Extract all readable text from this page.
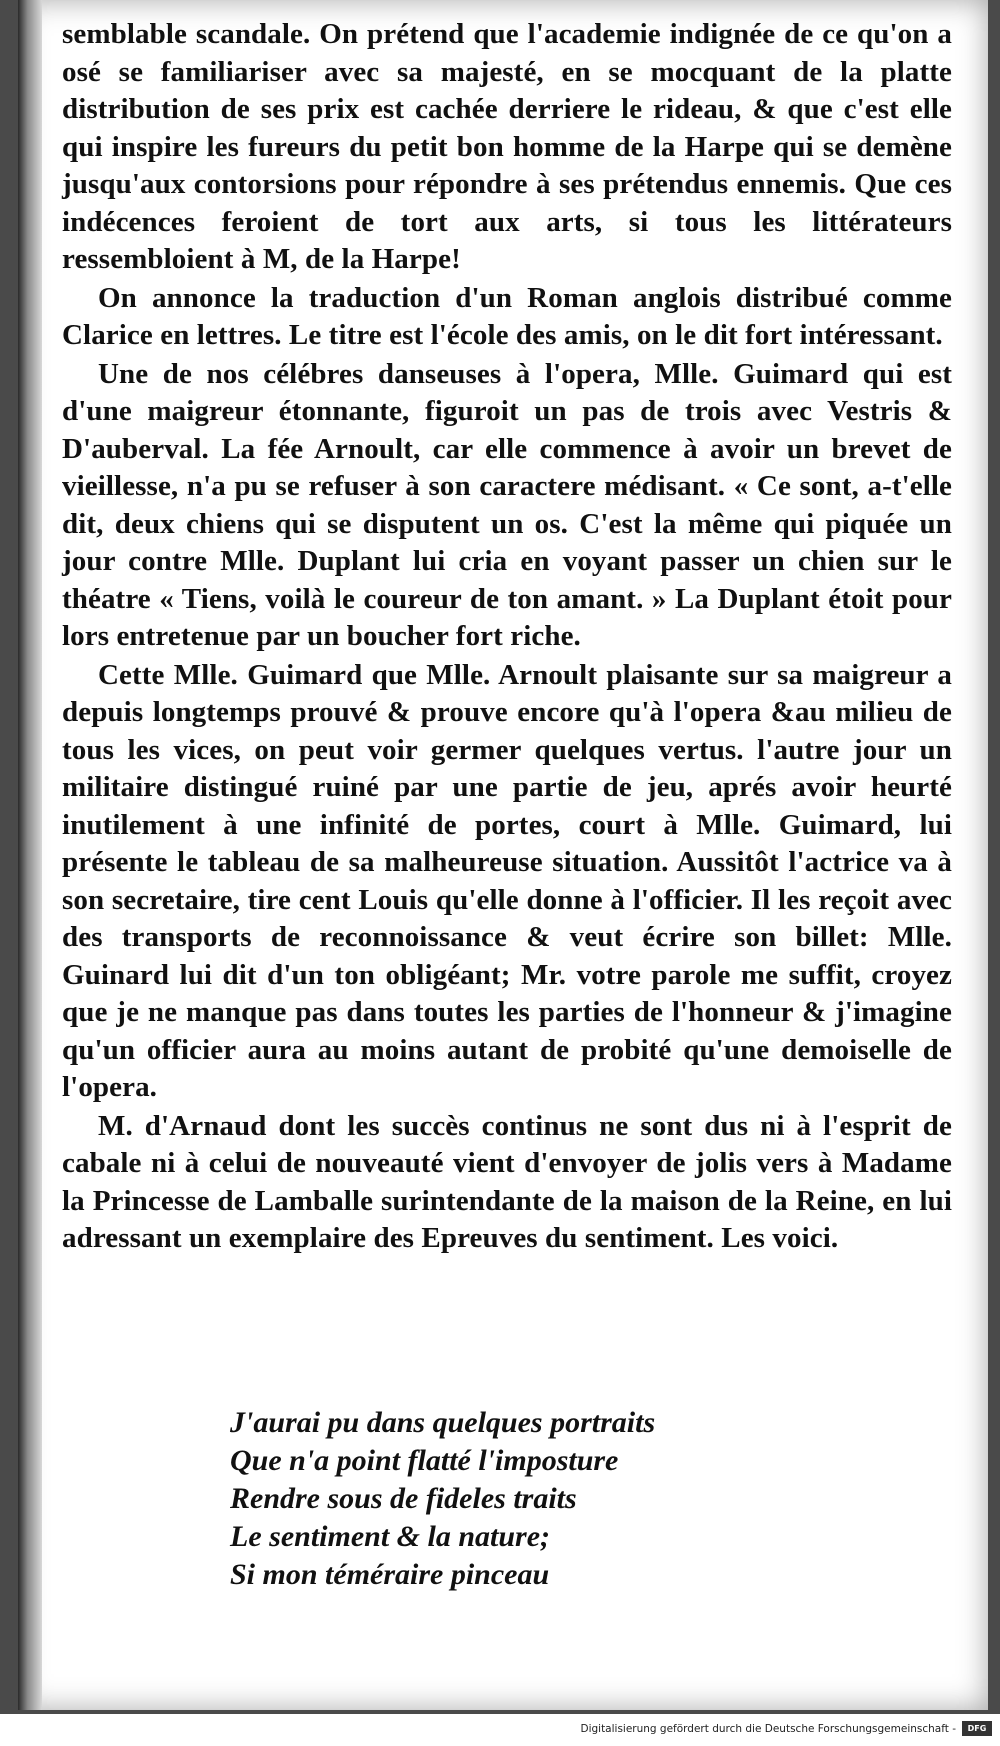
semblable scandale. On prétend que l'academie indignée de ce qu'on a osé se familiariser avec sa majesté, en se mocquant de la platte distribution de ses prix est cachée derriere le rideau, & que c'est elle qui inspire les fureurs du petit bon homme de la Harpe qui se demène jusqu'aux contorsions pour répondre à ses prétendus ennemis. Que ces indécences feroient de tort aux arts, si tous les littérateurs ressembloient à M, de la Harpe!

On annonce la traduction d'un Roman anglois distribué comme Clarice en lettres. Le titre est l'école des amis, on le dit fort intéressant.

Une de nos célébres danseuses à l'opera, Mlle. Guimard qui est d'une maigreur étonnante, figuroit un pas de trois avec Vestris & D'auberval. La fée Arnoult, car elle commence à avoir un brevet de vieillesse, n'a pu se refuser à son caractere médisant. « Ce sont, a-t'elle dit, deux chiens qui se disputent un os. C'est la même qui piquée un jour contre Mlle. Duplant lui cria en voyant passer un chien sur le théatre « Tiens, voilà le coureur de ton amant. » La Duplant étoit pour lors entretenue par un boucher fort riche.

Cette Mlle. Guimard que Mlle. Arnoult plaisante sur sa maigreur a depuis longtemps prouvé & prouve encore qu'à l'opera &au milieu de tous les vices, on peut voir germer quelques vertus. l'autre jour un militaire distingué ruiné par une partie de jeu, aprés avoir heurté inutilement à une infinité de portes, court à Mlle. Guimard, lui présente le tableau de sa malheureuse situation. Aussitôt l'actrice va à son secretaire, tire cent Louis qu'elle donne à l'officier. Il les reçoit avec des transports de reconnoissance & veut écrire son billet: Mlle. Guinard lui dit d'un ton obligéant; Mr. votre parole me suffit, croyez que je ne manque pas dans toutes les parties de l'honneur & j'imagine qu'un officier aura au moins autant de probité qu'une demoiselle de l'opera.

M. d'Arnaud dont les succès continus ne sont dus ni à l'esprit de cabale ni à celui de nouveauté vient d'envoyer de jolis vers à Madame la Princesse de Lamballe surintendante de la maison de la Reine, en lui adressant un exemplaire des Epreuves du sentiment. Les voici.

J'aurai pu dans quelques portraits
Que n'a point flatté l'imposture
Rendre sous de fideles traits
Le sentiment & la nature;
Si mon téméraire pinceau
Digitalisierung gefördert durch die Deutsche Forschungsgemeinschaft -	DFG
